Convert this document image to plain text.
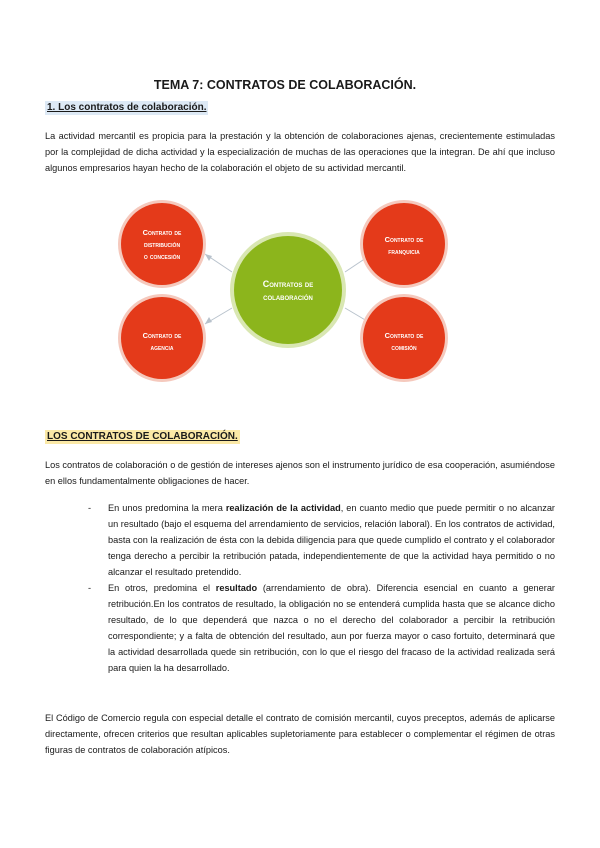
TEMA 7: CONTRATOS DE COLABORACIÓN.
1. Los contratos de colaboración.

La actividad mercantil es propicia para la prestación y la obtención de colaboraciones ajenas, crecientemente estimuladas por la complejidad de dicha actividad y la especialización de muchas de las operaciones que la integran. De ahí que incluso algunos empresarios hayan hecho de la colaboración el objeto de su actividad mercantil.

Contratos de
colaboración
Contrato de
distribución
o concesión
Contrato de
franquicia
Contrato de
agencia
Contrato de
comisión
LOS CONTRATOS DE COLABORACIÓN.

Los contratos de colaboración o de gestión de intereses ajenos son el instrumento jurídico de esa cooperación, asumiéndose en ellos fundamentalmente obligaciones de hacer.

- En unos predomina la mera realización de la actividad, en cuanto medio que puede permitir o no alcanzar un resultado (bajo el esquema del arrendamiento de servicios, relación laboral). En los contratos de actividad, basta con la realización de ésta con la debida diligencia para que quede cumplido el contrato y el colaborador tenga derecho a percibir la retribución patada, independientemente de que la actividad haya permitido o no alcanzar el resultado pretendido.
- En otros, predomina el resultado (arrendamiento de obra). Diferencia esencial en cuanto a generar retribución.En los contratos de resultado, la obligación no se entenderá cumplida hasta que se alcance dicho resultado, de lo que dependerá que nazca o no el derecho del colaborador a percibir la retribución correspondiente; y a falta de obtención del resultado, aun por fuerza mayor o caso fortuito, determinará que la actividad desarrollada quede sin retribución, con lo que el riesgo del fracaso de la actividad realizada será para quien la ha desarrollado.

El Código de Comercio regula con especial detalle el contrato de comisión mercantil, cuyos preceptos, además de aplicarse directamente, ofrecen criterios que resultan aplicables supletoriamente para establecer o complementar el régimen de otras figuras de contratos de colaboración atípicos.
